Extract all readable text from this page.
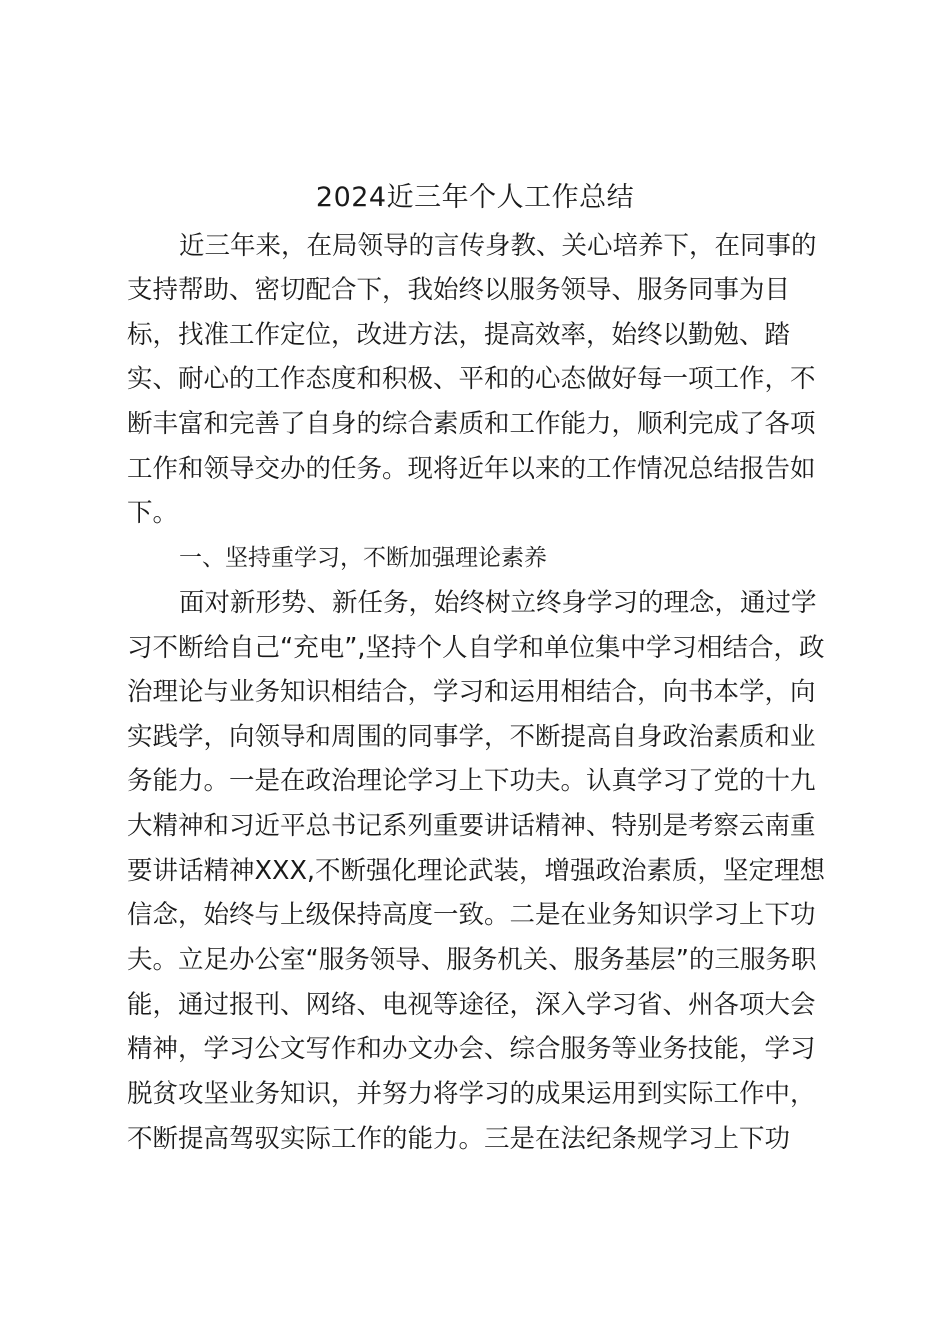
2024近三年个人工作总结
近三年来，在局领导的言传身教、关心培养下，在同事的
支持帮助、密切配合下，我始终以服务领导、服务同事为目
标，找准工作定位，改进方法，提高效率，始终以勤勉、踏
实、耐心的工作态度和积极、平和的心态做好每一项工作，不
断丰富和完善了自身的综合素质和工作能力，顺利完成了各项
工作和领导交办的任务。现将近年以来的工作情况总结报告如
下。
一、坚持重学习，不断加强理论素养
面对新形势、新任务，始终树立终身学习的理念，通过学
习不断给自己“充电”,坚持个人自学和单位集中学习相结合，政
治理论与业务知识相结合，学习和运用相结合，向书本学，向
实践学，向领导和周围的同事学，不断提高自身政治素质和业
务能力。一是在政治理论学习上下功夫。认真学习了党的十九
大精神和习近平总书记系列重要讲话精神、特别是考察云南重
要讲话精神XXX,不断强化理论武装，增强政治素质，坚定理想
信念，始终与上级保持高度一致。二是在业务知识学习上下功
夫。立足办公室“服务领导、服务机关、服务基层”的三服务职
能，通过报刊、网络、电视等途径，深入学习省、州各项大会
精神，学习公文写作和办文办会、综合服务等业务技能，学习
脱贫攻坚业务知识，并努力将学习的成果运用到实际工作中，
不断提高驾驭实际工作的能力。三是在法纪条规学习上下功
